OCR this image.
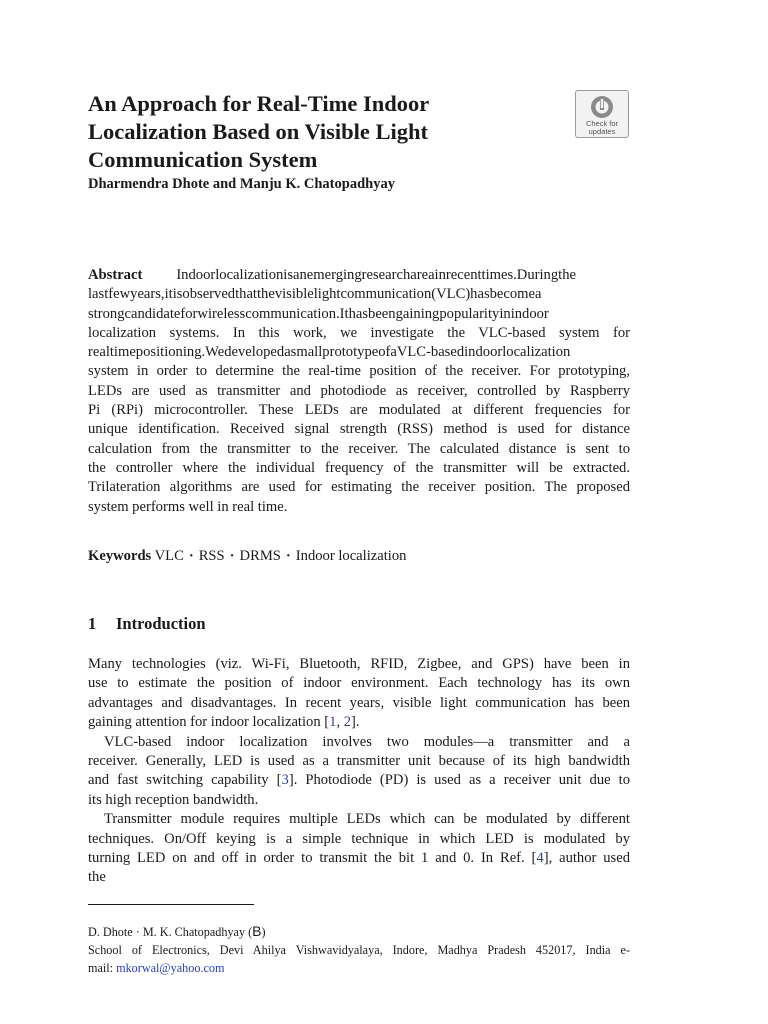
An Approach for Real-Time Indoor
Localization Based on Visible Light
Communication System
Check for
updates
Dharmendra Dhote and Manju K. Chatopadhyay
Abstract Indoorlocalizationisanemergingresearchareainrecenttimes.Duringthe
lastfewyears,itisobservedthatthevisiblelightcommunication(VLC)hasbecomea
strongcandidateforwirelesscommunication.Ithasbeengainingpopularityinindoor
localization systems. In this work, we investigate the VLC-based system for
realtimepositioning.WedevelopedasmallprototypeofaVLC-basedindoorlocalization
system in order to determine the real-time position of the receiver. For prototyping,
LEDs are used as transmitter and photodiode as receiver, controlled by Raspberry
Pi (RPi) microcontroller. These LEDs are modulated at different frequencies for
unique identification. Received signal strength (RSS) method is used for distance
calculation from the transmitter to the receiver. The calculated distance is sent to
the controller where the individual frequency of the transmitter will be extracted.
Trilateration algorithms are used for estimating the receiver position. The proposed
system performs well in real time.
Keywords VLC · RSS · DRMS · Indoor localization
1 Introduction
Many technologies (viz. Wi-Fi, Bluetooth, RFID, Zigbee, and GPS) have been in
use to estimate the position of indoor environment. Each technology has its own
advantages and disadvantages. In recent years, visible light communication has been
gaining attention for indoor localization [1, 2].
VLC-based indoor localization involves two modules—a transmitter and a
receiver. Generally, LED is used as a transmitter unit because of its high bandwidth
and fast switching capability [3]. Photodiode (PD) is used as a receiver unit due to
its high reception bandwidth.
Transmitter module requires multiple LEDs which can be modulated by different
techniques. On/Off keying is a simple technique in which LED is modulated by
turning LED on and off in order to transmit the bit 1 and 0. In Ref. [4], author used
the
D. Dhote · M. K. Chatopadhyay (B)
School of Electronics, Devi Ahilya Vishwavidyalaya, Indore, Madhya Pradesh 452017, India e-
mail: mkorwal@yahoo.com
